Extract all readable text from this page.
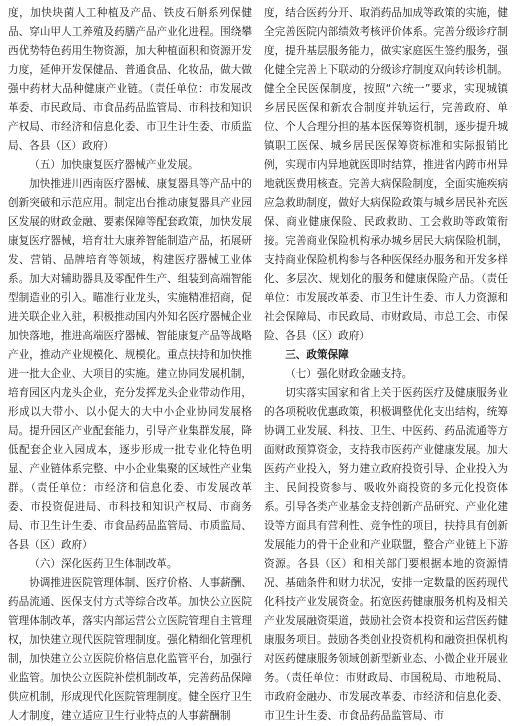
度，加快块菌人工种植及产品、铁皮石斛系列保健品、穿山甲人工养殖及药膳产品产业化进程。围绕攀西优势特色药用生物资源，加大种植面积和资源开发力度，延伸开发保健品、普通食品、化妆品，做大做强中药材大品种健康产业链。（责任单位：市发展改革委、市民政局、市食品药品监管局、市科技和知识产权局、市经济和信息化委、市卫生计生委、市质监局、各县（区）政府）

（五）加快康复医疗器械产业发展。

加快推进川西南医疗器械、康复器具等产品中的创新突破和示范应用。制定出台推动康复器具产业园区发展的财政金融、要素保障等配套政策，加快发展康复医疗器械，培育壮大康养智能制造产品，拓展研发、营销、品牌培育等领域，构建医疗器械工业体系。加大对辅助器具及零配件生产、组装到高端智能型制造业的引入。瞄准行业龙头，实施精准招商，促进关联企业入驻，积极推动国内外知名医疗器械企业加快落地，推进高端医疗器械、智能康复产品等战略产业，推动产业规模化、规模化。重点扶持和加快推进一批大企业、大项目的实施。建立协同发展机制，培育园区内龙头企业，充分发挥龙头企业带动作用，形成以大带小、以小促大的大中小企业协同发展格局。提升园区产业配套能力，引导产业集群发展，降低配套企业入园成本，逐步形成一批专业化特色明显、产业链体系完整、中小企业集聚的区域性产业集群。（责任单位：市经济和信息化委、市发展改革委、市投资促进局、市科技和知识产权局、市商务局、市卫生计生委、市食品药品监管局、市质监局、各县（区）政府）

（六）深化医药卫生体制改革。

协调推进医院管理体制、医疗价格、人事薪酬、药品流通、医保支付方式等综合改革。加快公立医院管理体制改革，落实内部运营公立医院管理自主管理权，加快建立现代医院管理制度。强化精细化管理机制，加快建立公立医院价格信息化监管平台，加强行业监管。加快公立医院补偿机制改革，完善药品保障供应机制，形成现代化医院管理制度。健全医疗卫生人才制度，建立适应卫生行业特点的人事薪酬制

度，结合医药分开、取消药品加成等政策的实施，健全完善医院内部绩效考核评价体系。完善分级诊疗制度，提升基层服务能力，做实家庭医生签约服务，强化健全完善上下联动的分级诊疗制度双向转诊机制。健全全民医保制度，按照“六统一”要求，实现城镇乡居民医保和新农合制度并轨运行，完善政府、单位、个人合理分担的基本医保筹资机制，逐步提升城镇职工医保、城乡居民医保筹资标准和实际报销比例，实现市内异地就医即时结算，推进省内跨市州异地就医费用核查。完善大病保险制度，全面实施疾病应急救助制度，做好大病保险政策与城乡居民补充医保、商业健康保险、民政救助、工会救助等政策衔接。完善商业保险机构承办城乡居民大病保险机制，支持商业保险机构参与各种医保经办服务和开发多样化、多层次、规划化的服务和健康保险产品。（责任单位：市发展改革委、市卫生计生委、市人力资源和社会保障局、市民政局、市财政局、市总工会、市保险、各县（区）政府）

三、政策保障
（七）强化财政金融支持。

切实落实国家和省上关于医药医疗及健康服务业的各项税收优惠政策，积极调整优化支出结构，统筹协调工业发展、科技、卫生、中医药、药品流通等方面财政预算资金，支持我市医药产业健康发展。加大医药产业投入，努力建立政府投资引导、企业投入为主、民间投资参与、吸收外商投资的多元化投资体系。引导各类产业基金支持创新产品研究、产业化建设等方面具有营利性、竞争性的项目，扶持具有创新发展能力的骨干企业和产业联盟，整合产业链上下游资源。各县（区）和相关部门要根据本地的资源情况、基础条件和财力状况，安排一定数量的医药现代化科技产业发展资金。拓宽医药健康服务机构及相关产业发展融资渠道，鼓励社会资本投资和运营医药健康服务项目。鼓励各类创业投资机构和融资担保机构对医药健康服务领域创新型新业态、小微企业开展业务。（责任单位：市财政局、市国税局、市地税局、市政府金融办、市发展改革委、市经济和信息化委、市卫生计生委、市食品药品监管局、市
